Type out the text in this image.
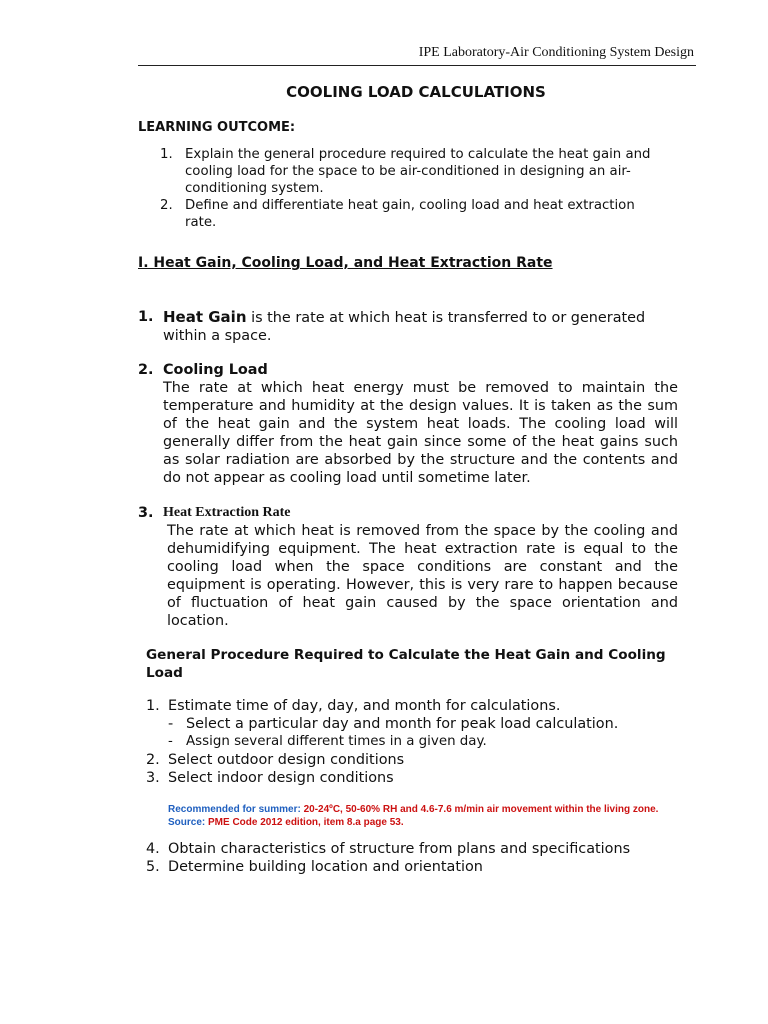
IPE Laboratory-Air Conditioning System Design
COOLING LOAD CALCULATIONS
LEARNING OUTCOME:
1. Explain the general procedure required to calculate the heat gain and
cooling load for the space to be air-conditioned in designing an air-
conditioning system.
2. Define and differentiate heat gain, cooling load and heat extraction
rate.
I. Heat Gain, Cooling Load, and Heat Extraction Rate
1. Heat Gain is the rate at which heat is transferred to or generated within a space.
2. Cooling Load
The rate at which heat energy must be removed to maintain the temperature and humidity at the design values. It is taken as the sum of the heat gain and the system heat loads. The cooling load will generally differ from the heat gain since some of the heat gains such as solar radiation are absorbed by the structure and the contents and do not appear as cooling load until sometime later.
3. Heat Extraction Rate
The rate at which heat is removed from the space by the cooling and dehumidifying equipment. The heat extraction rate is equal to the cooling load when the space conditions are constant and the equipment is operating. However, this is very rare to happen because of fluctuation of heat gain caused by the space orientation and location.
General Procedure Required to Calculate the Heat Gain and Cooling Load
1. Estimate time of day, day, and month for calculations.
- Select a particular day and month for peak load calculation.
- Assign several different times in a given day.
2. Select outdoor design conditions
3. Select indoor design conditions
Recommended for summer: 20-24ºC, 50-60% RH and 4.6-7.6 m/min air movement within the living zone. Source: PME Code 2012 edition, item 8.a page 53.
4. Obtain characteristics of structure from plans and specifications
5. Determine building location and orientation
